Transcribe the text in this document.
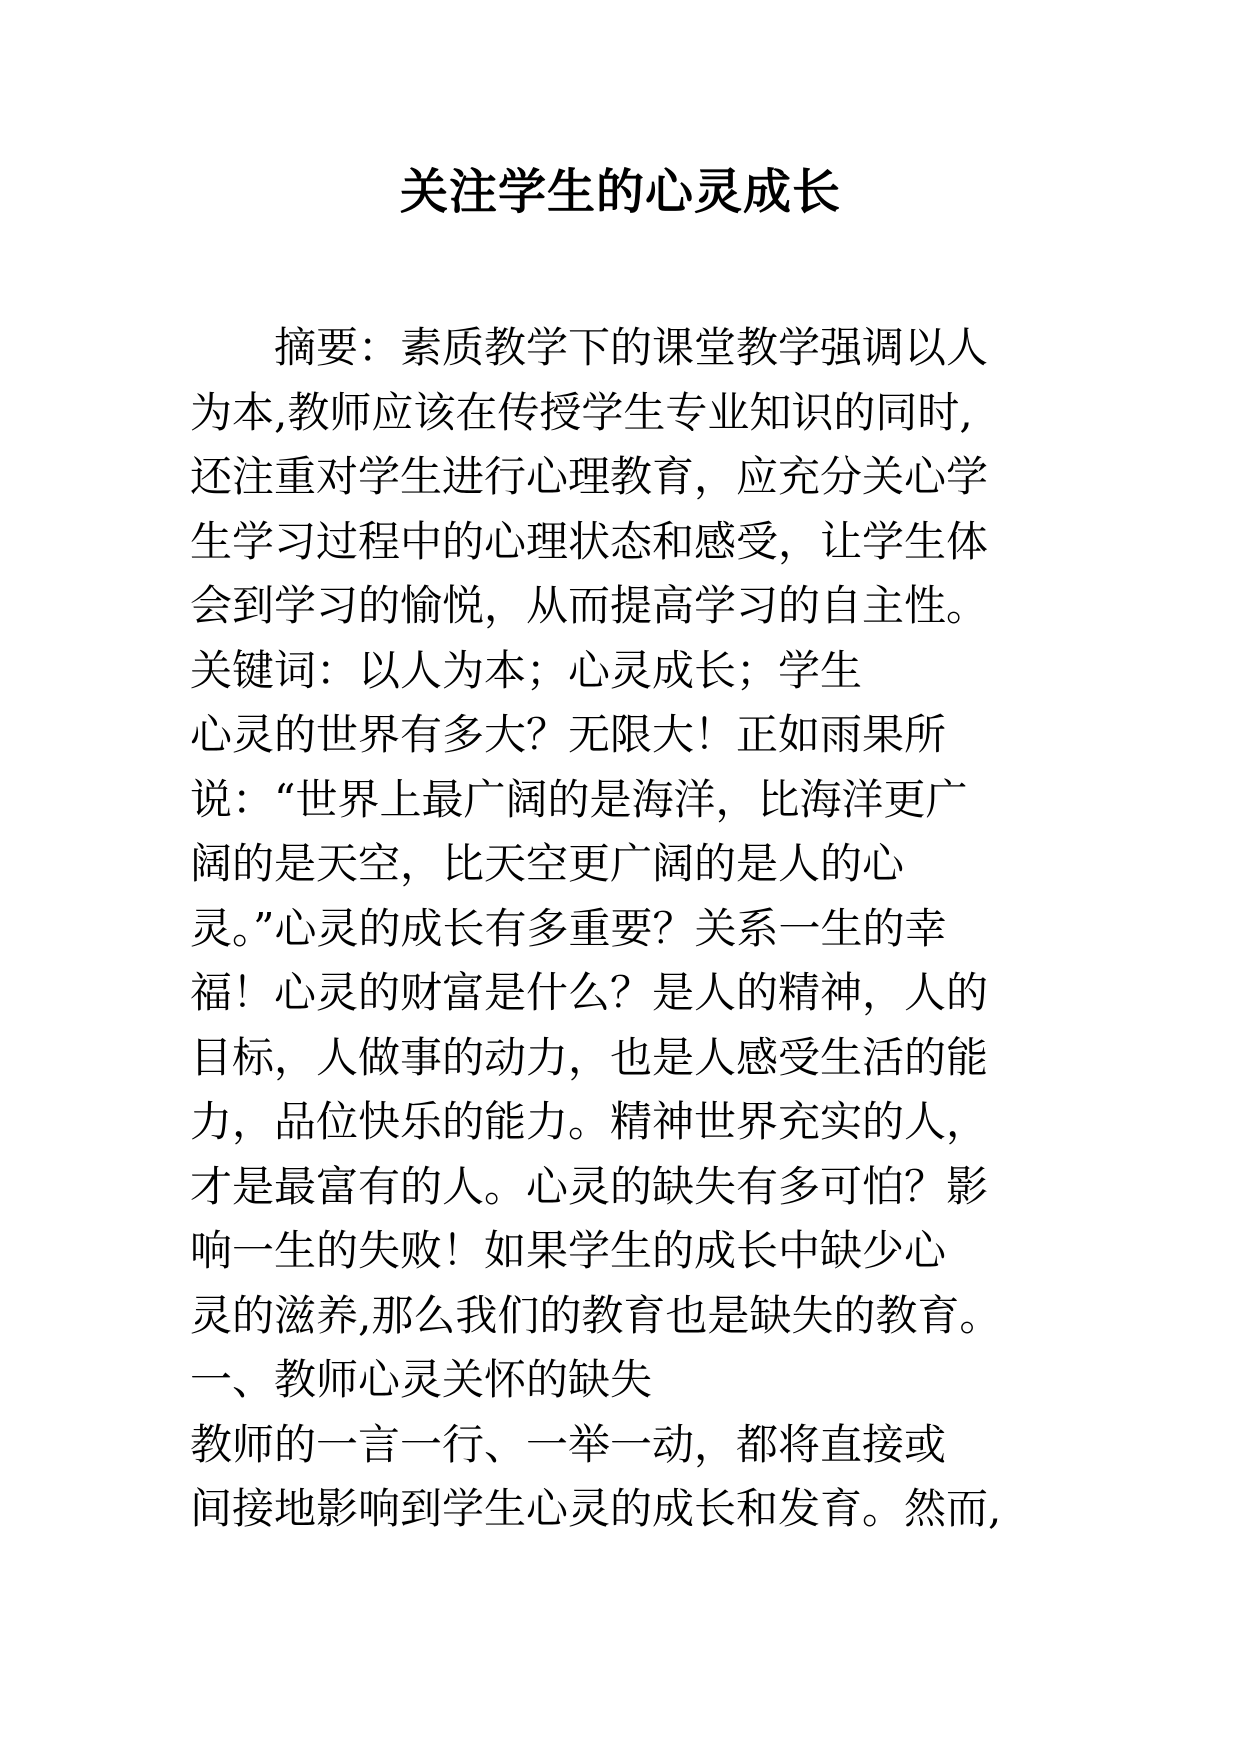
关注学生的心灵成长
　　摘要：素质教学下的课堂教学强调以人
为本,教师应该在传授学生专业知识的同时,
还注重对学生进行心理教育，应充分关心学
生学习过程中的心理状态和感受，让学生体
会到学习的愉悦，从而提高学习的自主性。
关键词：以人为本；心灵成长；学生
心灵的世界有多大？无限大！正如雨果所
说：“世界上最广阔的是海洋，比海洋更广
阔的是天空，比天空更广阔的是人的心
灵。”心灵的成长有多重要？关系一生的幸
福！心灵的财富是什么？是人的精神，人的
目标，人做事的动力，也是人感受生活的能
力，品位快乐的能力。精神世界充实的人，
才是最富有的人。心灵的缺失有多可怕？影
响一生的失败！如果学生的成长中缺少心
灵的滋养,那么我们的教育也是缺失的教育。
一、教师心灵关怀的缺失
教师的一言一行、一举一动，都将直接或
间接地影响到学生心灵的成长和发育。然而,
